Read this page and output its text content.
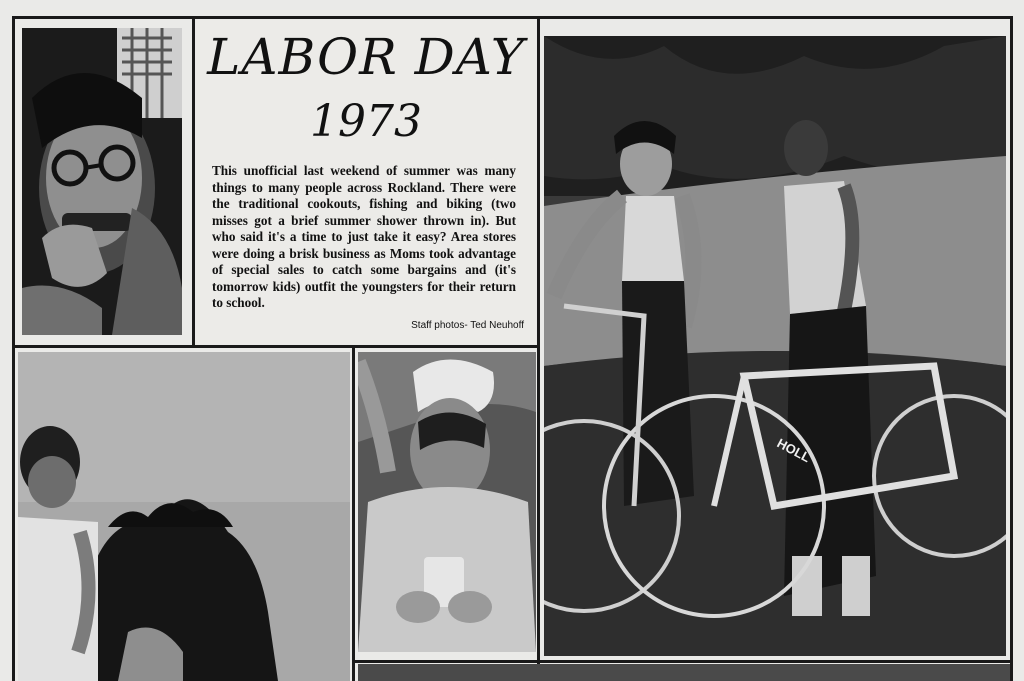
LABOR DAY
1973
This unofficial last weekend of summer was many things to many people across Rockland. There were the traditional cookouts, fishing and biking (two misses got a brief summer shower thrown in). But who said it's a time to just take it easy? Area stores were doing a brisk business as Moms took advantage of special sales to catch some bargains and (it's tomorrow kids) outfit the youngsters for their return to school.
Staff photos- Ted Neuhoff
HOLL
